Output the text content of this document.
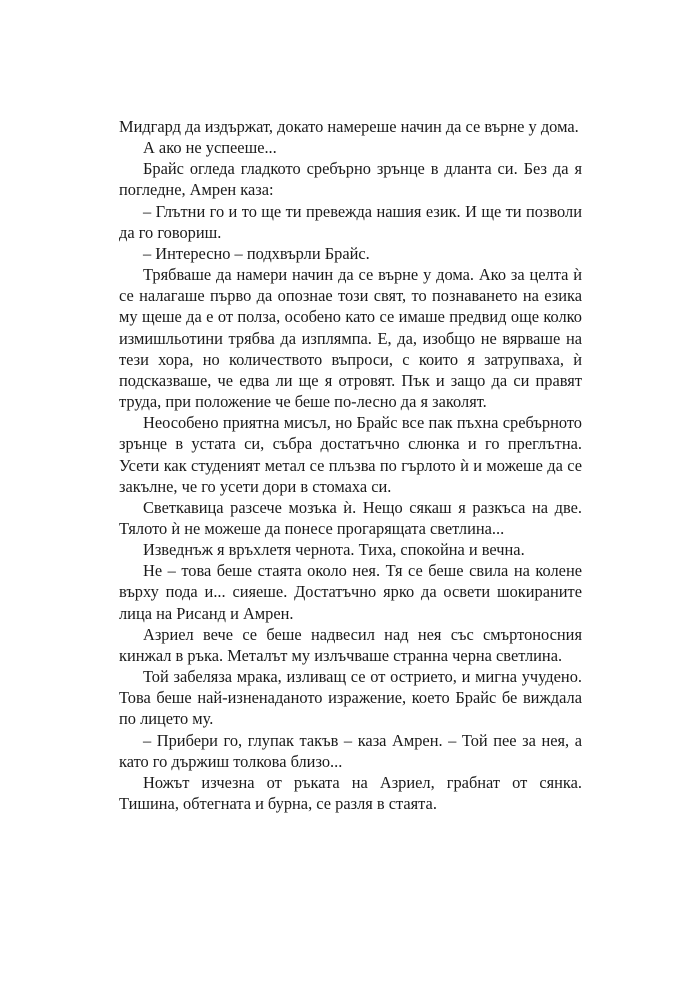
Мидгард да издържат, докато намереше начин да се върне у дома.

А ако не успееше...

Брайс огледа гладкото сребърно зрънце в дланта си. Без да я погледне, Амрен каза:

– Глътни го и то ще ти превежда нашия език. И ще ти позволи да го говориш.

– Интересно – подхвърли Брайс.

Трябваше да намери начин да се върне у дома. Ако за целта ѝ се налагаше първо да опознае този свят, то познаването на езика му щеше да е от полза, особено като се имаше предвид още колко измишльотини трябва да изплямпа. Е, да, изобщо не вярваше на тези хора, но количеството въпроси, с които я затрупваха, ѝ подсказваше, че едва ли ще я отровят. Пък и защо да си правят труда, при положение че беше по-лесно да я заколят.

Неособено приятна мисъл, но Брайс все пак пъхна сребърното зрънце в устата си, събра достатъчно слюнка и го преглътна. Усети как студеният метал се плъзва по гърлото ѝ и можеше да се закълне, че го усети дори в стомаха си.

Светкавица разсече мозъка ѝ. Нещо сякаш я разкъса на две. Тялото ѝ не можеше да понесе прогарящата светлина...

Изведнъж я връхлетя чернота. Тиха, спокойна и вечна.

Не – това беше стаята около нея. Тя се беше свила на колене върху пода и... сияеше. Достатъчно ярко да освети шокираните лица на Рисанд и Амрен.

Азриел вече се беше надвесил над нея със смъртоносния кинжал в ръка. Металът му излъчваше странна черна светлина.

Той забеляза мрака, изливащ се от острието, и мигна учудено. Това беше най-изненаданото изражение, което Брайс бе виждала по лицето му.

– Прибери го, глупак такъв – каза Амрен. – Той пее за нея, а като го държиш толкова близо...

Ножът изчезна от ръката на Азриел, грабнат от сянка. Тишина, обтегната и бурна, се разля в стаята.
